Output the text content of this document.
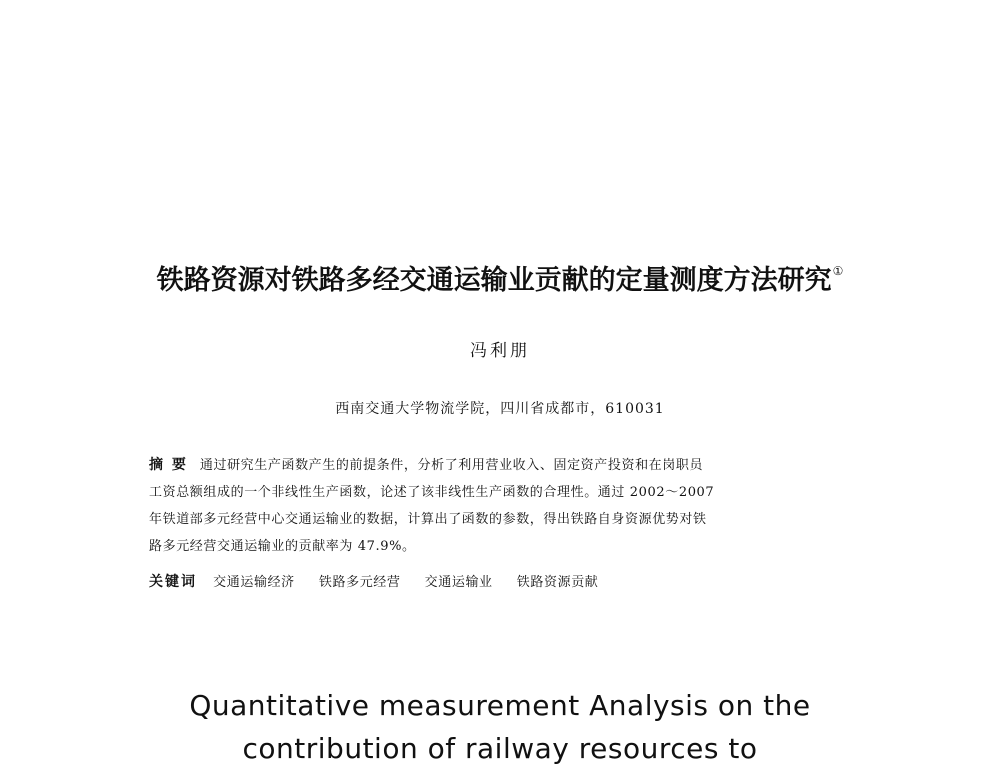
铁路资源对铁路多经交通运输业贡献的定量测度方法研究①
冯利朋
西南交通大学物流学院，四川省成都市，610031
摘 要 通过研究生产函数产生的前提条件，分析了利用营业收入、固定资产投资和在岗职员
工资总额组成的一个非线性生产函数，论述了该非线性生产函数的合理性。通过 2002～2007
年铁道部多元经营中心交通运输业的数据，计算出了函数的参数，得出铁路自身资源优势对铁
路多元经营交通运输业的贡献率为 47.9%。
关键词 交通运输经济 铁路多元经营 交通运输业 铁路资源贡献
Quantitative measurement Analysis on the
contribution of railway resources to
